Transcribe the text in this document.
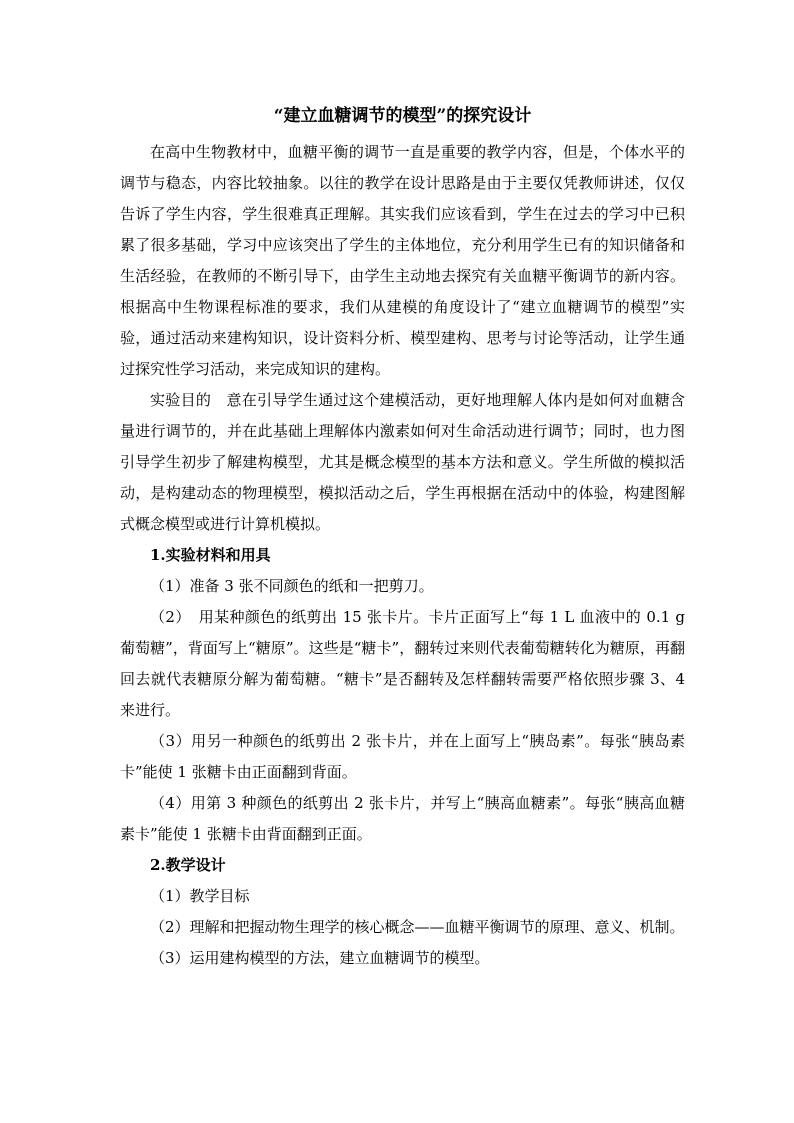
“建立血糖调节的模型”的探究设计

在高中生物教材中，血糖平衡的调节一直是重要的教学内容，但是，个体水平的调节与稳态，内容比较抽象。以往的教学在设计思路是由于主要仅凭教师讲述，仅仅告诉了学生内容，学生很难真正理解。其实我们应该看到，学生在过去的学习中已积累了很多基础，学习中应该突出了学生的主体地位，充分利用学生已有的知识储备和生活经验，在教师的不断引导下，由学生主动地去探究有关血糖平衡调节的新内容。根据高中生物课程标准的要求，我们从建模的角度设计了“建立血糖调节的模型”实验，通过活动来建构知识，设计资料分析、模型建构、思考与讨论等活动，让学生通过探究性学习活动，来完成知识的建构。

实验目的　意在引导学生通过这个建模活动，更好地理解人体内是如何对血糖含量进行调节的，并在此基础上理解体内激素如何对生命活动进行调节；同时，也力图引导学生初步了解建构模型，尤其是概念模型的基本方法和意义。学生所做的模拟活动，是构建动态的物理模型，模拟活动之后，学生再根据在活动中的体验，构建图解式概念模型或进行计算机模拟。

1.实验材料和用具

（1）准备 3 张不同颜色的纸和一把剪刀。

（2）　用某种颜色的纸剪出 15 张卡片。卡片正面写上“每 1 L 血液中的 0.1 g 葡萄糖”，背面写上“糖原”。这些是“糖卡”，翻转过来则代表葡萄糖转化为糖原，再翻回去就代表糖原分解为葡萄糖。“糖卡”是否翻转及怎样翻转需要严格依照步骤 3、4 来进行。

（3）用另一种颜色的纸剪出 2 张卡片，并在上面写上“胰岛素”。每张“胰岛素卡”能使 1 张糖卡由正面翻到背面。

（4）用第 3 种颜色的纸剪出 2 张卡片，并写上“胰高血糖素”。每张“胰高血糖素卡”能使 1 张糖卡由背面翻到正面。

2.教学设计

（1）教学目标

（2）理解和把握动物生理学的核心概念——血糖平衡调节的原理、意义、机制。

（3）运用建构模型的方法，建立血糖调节的模型。
